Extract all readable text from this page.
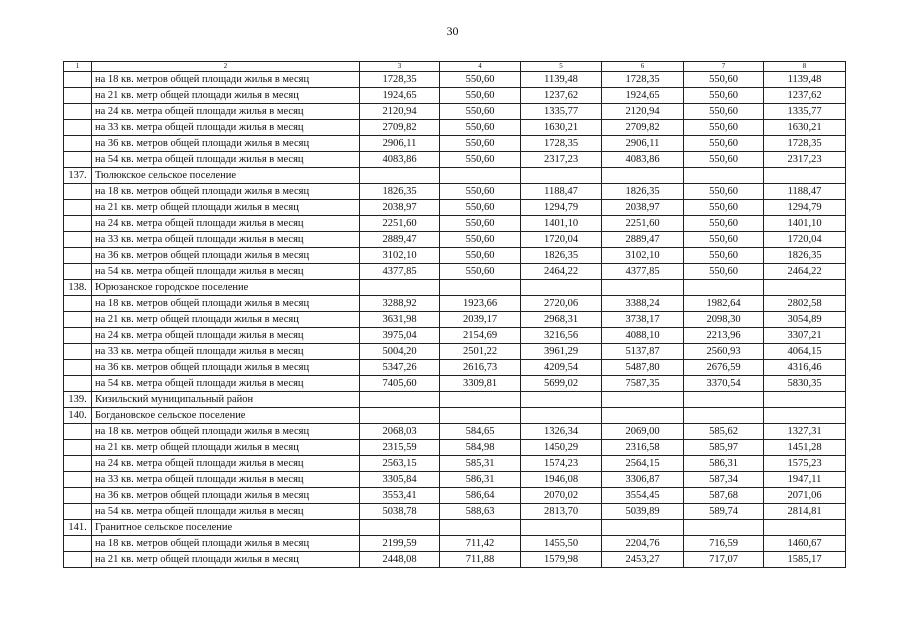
30
1	2	3	4	5	6	7	8
	на 18 кв. метров общей площади жилья в месяц	1728,35	550,60	1139,48	1728,35	550,60	1139,48
	на 21 кв. метр общей площади жилья в месяц	1924,65	550,60	1237,62	1924,65	550,60	1237,62
	на 24 кв. метра общей площади жилья в месяц	2120,94	550,60	1335,77	2120,94	550,60	1335,77
	на 33 кв. метра общей площади жилья в месяц	2709,82	550,60	1630,21	2709,82	550,60	1630,21
	на 36 кв. метров общей площади жилья в месяц	2906,11	550,60	1728,35	2906,11	550,60	1728,35
	на 54 кв. метра общей площади жилья в месяц	4083,86	550,60	2317,23	4083,86	550,60	2317,23
137.	Тюлюкское сельское поселение						
	на 18 кв. метров общей площади жилья в месяц	1826,35	550,60	1188,47	1826,35	550,60	1188,47
	на 21 кв. метр общей площади жилья в месяц	2038,97	550,60	1294,79	2038,97	550,60	1294,79
	на 24 кв. метра общей площади жилья в месяц	2251,60	550,60	1401,10	2251,60	550,60	1401,10
	на 33 кв. метра общей площади жилья в месяц	2889,47	550,60	1720,04	2889,47	550,60	1720,04
	на 36 кв. метров общей площади жилья в месяц	3102,10	550,60	1826,35	3102,10	550,60	1826,35
	на 54 кв. метра общей площади жилья в месяц	4377,85	550,60	2464,22	4377,85	550,60	2464,22
138.	Юрюзанское городское поселение						
	на 18 кв. метров общей площади жилья в месяц	3288,92	1923,66	2720,06	3388,24	1982,64	2802,58
	на 21 кв. метр общей площади жилья в месяц	3631,98	2039,17	2968,31	3738,17	2098,30	3054,89
	на 24 кв. метра общей площади жилья в месяц	3975,04	2154,69	3216,56	4088,10	2213,96	3307,21
	на 33 кв. метра общей площади жилья в месяц	5004,20	2501,22	3961,29	5137,87	2560,93	4064,15
	на 36 кв. метров общей площади жилья в месяц	5347,26	2616,73	4209,54	5487,80	2676,59	4316,46
	на 54 кв. метра общей площади жилья в месяц	7405,60	3309,81	5699,02	7587,35	3370,54	5830,35
139.	Кизильский муниципальный район						
140.	Богдановское сельское поселение						
	на 18 кв. метров общей площади жилья в месяц	2068,03	584,65	1326,34	2069,00	585,62	1327,31
	на 21 кв. метр общей площади жилья в месяц	2315,59	584,98	1450,29	2316,58	585,97	1451,28
	на 24 кв. метра общей площади жилья в месяц	2563,15	585,31	1574,23	2564,15	586,31	1575,23
	на 33 кв. метра общей площади жилья в месяц	3305,84	586,31	1946,08	3306,87	587,34	1947,11
	на 36 кв. метров общей площади жилья в месяц	3553,41	586,64	2070,02	3554,45	587,68	2071,06
	на 54 кв. метра общей площади жилья в месяц	5038,78	588,63	2813,70	5039,89	589,74	2814,81
141.	Гранитное сельское поселение						
	на 18 кв. метров общей площади жилья в месяц	2199,59	711,42	1455,50	2204,76	716,59	1460,67
	на 21 кв. метр общей площади жилья в месяц	2448,08	711,88	1579,98	2453,27	717,07	1585,17
